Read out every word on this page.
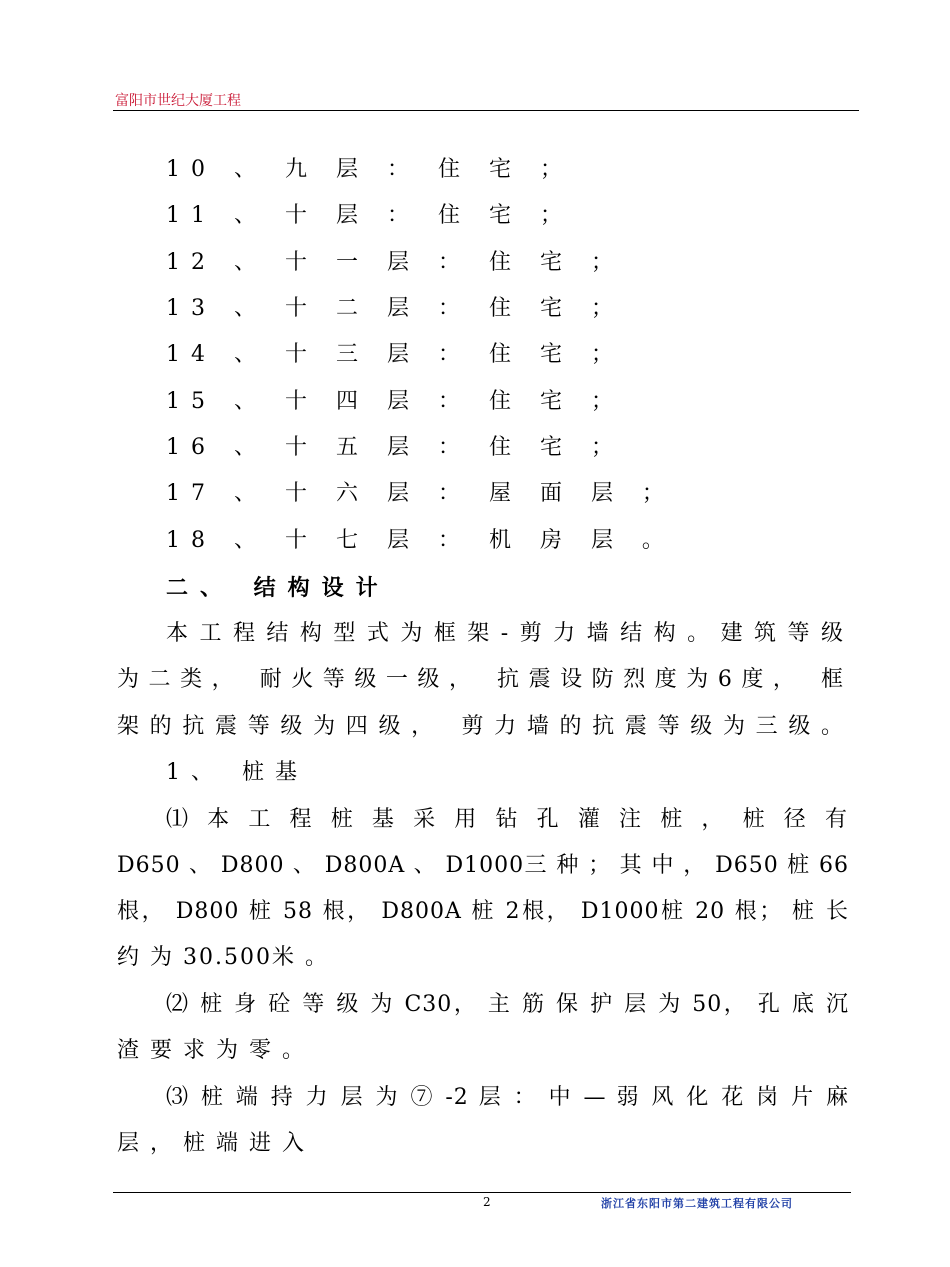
富阳市世纪大厦工程
10 、 九 层 ： 住 宅 ；
11 、 十 层 ： 住 宅 ；
12 、 十 一 层 ： 住 宅 ；
13 、 十 二 层 ： 住 宅 ；
14 、 十 三 层 ： 住 宅 ；
15 、 十 四 层 ： 住 宅 ；
16 、 十 五 层 ： 住 宅 ；
17 、 十 六 层 ： 屋 面 层 ；
18 、 十 七 层 ： 机 房 层 。
二、 结构设计
本工程结构型式为框架-剪力墙结构。建筑等级
为二类， 耐火等级一级， 抗震设防烈度为6度， 框
架的抗震等级为四级， 剪力墙的抗震等级为三级。
1、 桩基
⑴ 本 工 程 桩 基 采 用 钻 孔 灌 注 桩 ， 桩 径 有
D650 、 D800 、 D800A 、 D1000三 种 ； 其 中 ， D650 桩 66
根， D800 桩 58 根， D800A 桩 2根， D1000桩 20 根； 桩 长
约 为 30.500米 。
⑵ 桩 身 砼 等 级 为 C30， 主 筋 保 护 层 为 50， 孔 底 沉
渣 要 求 为 零 。
⑶ 桩 端 持 力 层 为 ⑦ -2 层 ： 中 — 弱 风 化 花 岗 片 麻
层 ， 桩 端 进 入
2	浙江省东阳市第二建筑工程有限公司
